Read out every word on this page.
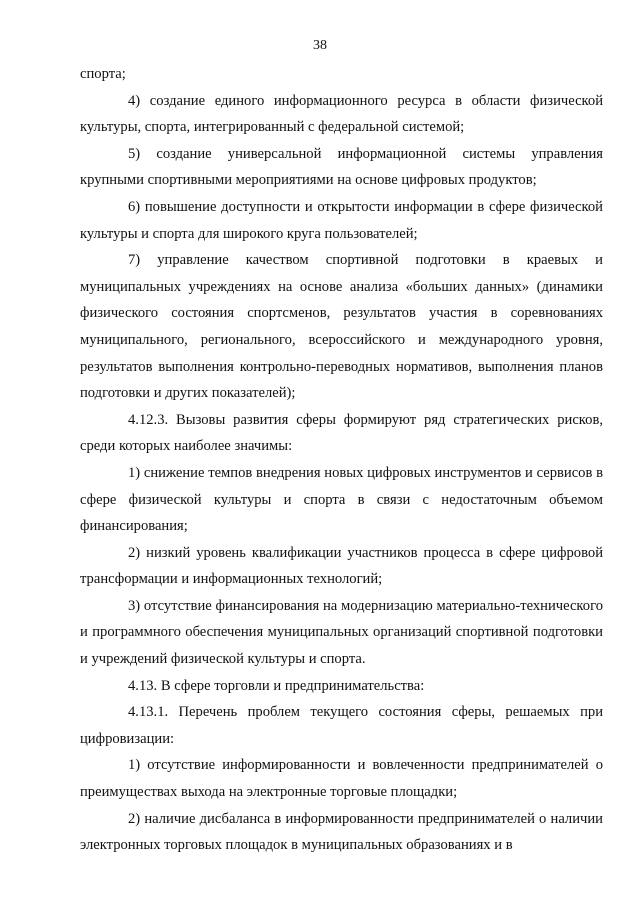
38

спорта;

4) создание единого информационного ресурса в области физической культуры, спорта, интегрированный с федеральной системой;

5) создание универсальной информационной системы управления крупными спортивными мероприятиями на основе цифровых продуктов;

6) повышение доступности и открытости информации в сфере физической культуры и спорта для широкого круга пользователей;

7) управление качеством спортивной подготовки в краевых и муниципальных учреждениях на основе анализа «больших данных» (динамики физического состояния спортсменов, результатов участия в соревнованиях муниципального, регионального, всероссийского и международного уровня, результатов выполнения контрольно-переводных нормативов, выполнения планов подготовки и других показателей);

4.12.3. Вызовы развития сферы формируют ряд стратегических рисков, среди которых наиболее значимы:

1) снижение темпов внедрения новых цифровых инструментов и сервисов в сфере физической культуры и спорта в связи с недостаточным объемом финансирования;

2) низкий уровень квалификации участников процесса в сфере цифровой трансформации и информационных технологий;

3) отсутствие финансирования на модернизацию материально-технического и программного обеспечения муниципальных организаций спортивной подготовки и учреждений физической культуры и спорта.

4.13. В сфере торговли и предпринимательства:

4.13.1. Перечень проблем текущего состояния сферы, решаемых при цифровизации:

1) отсутствие информированности и вовлеченности предпринимателей о преимуществах выхода на электронные торговые площадки;

2) наличие дисбаланса в информированности предпринимателей о наличии электронных торговых площадок в муниципальных образованиях и в
